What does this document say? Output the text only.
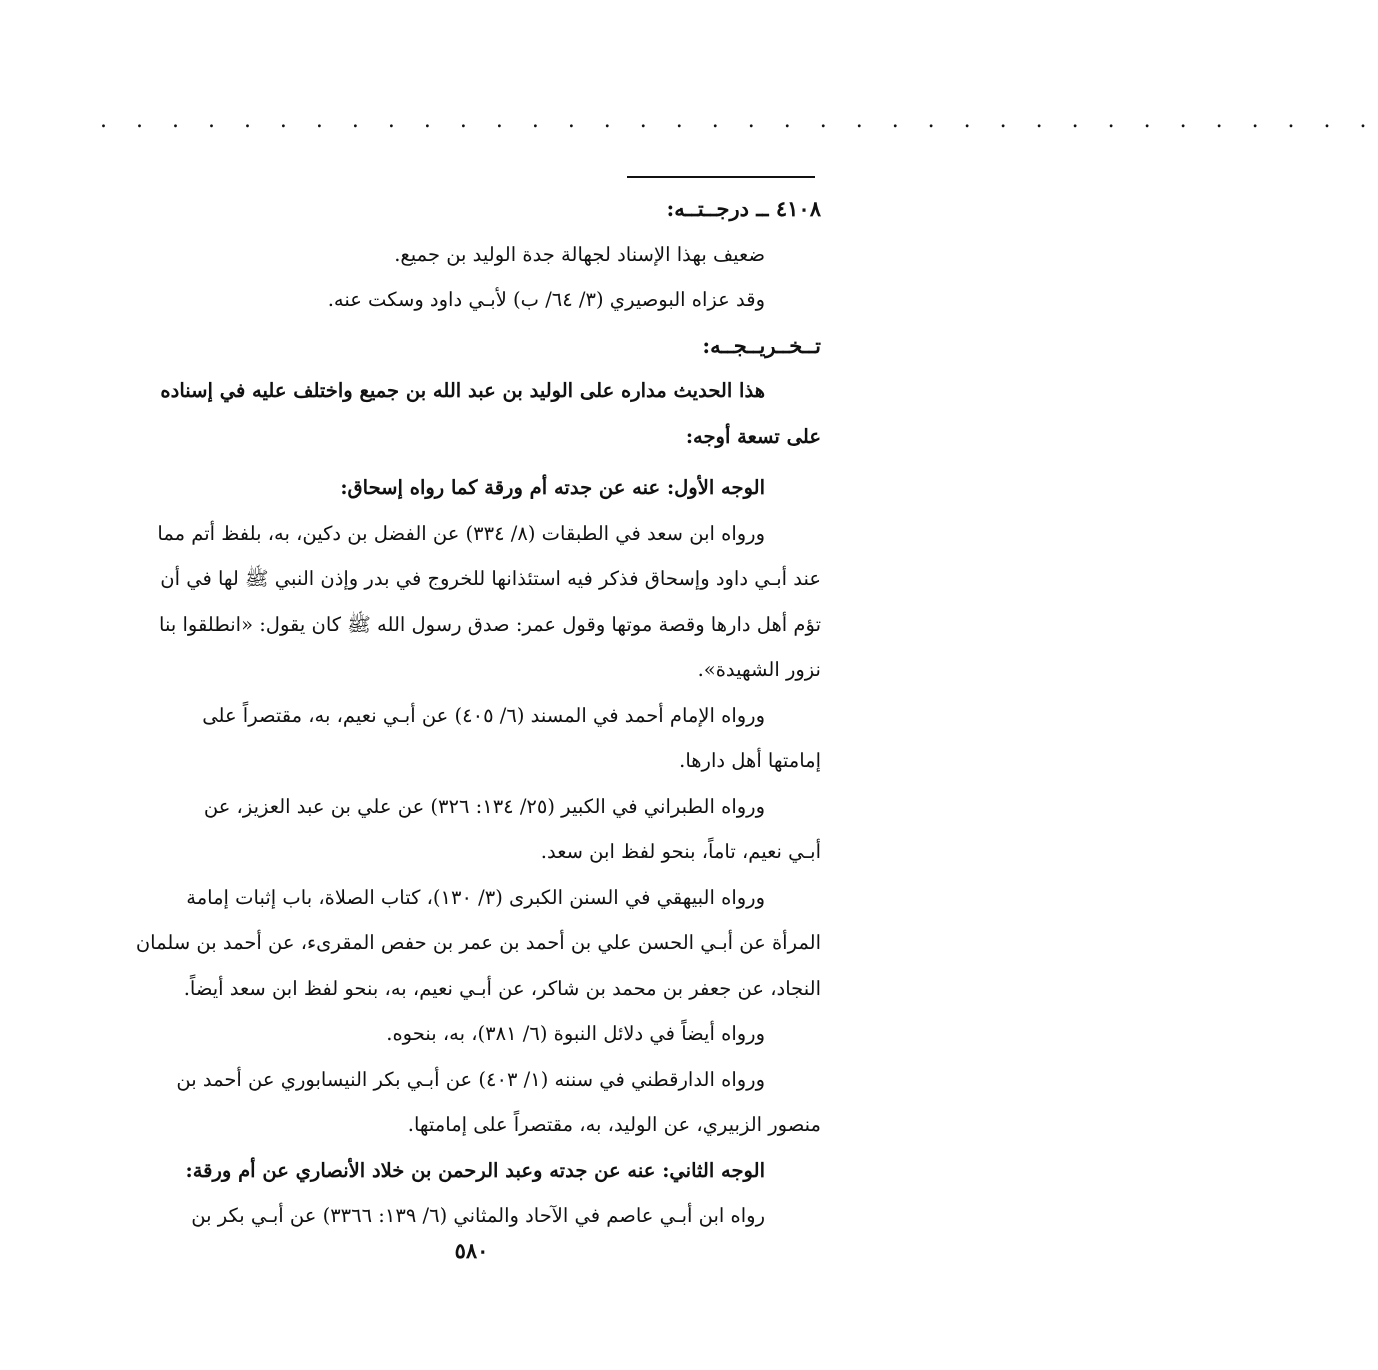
. . . . . . . . . . . . . . . . . . . . . . . . . . . . . . . . . . . .
٤١٠٨ ــ درجــتــه:
ضعيف بهذا الإسناد لجهالة جدة الوليد بن جميع.
وقد عزاه البوصيري (٣/ ٦٤/ ب) لأبـي داود وسكت عنه.
تــخــريــجــه:
هذا الحديث مداره على الوليد بن عبد الله بن جميع واختلف عليه في إسناده
على تسعة أوجه:
الوجه الأول: عنه عن جدته أم ورقة كما رواه إسحاق:
ورواه ابن سعد في الطبقات (٨/ ٣٣٤) عن الفضل بن دكين، به، بلفظ أتم مما
عند أبـي داود وإسحاق فذكر فيه استئذانها للخروج في بدر وإذن النبي ﷺ لها في أن
تؤم أهل دارها وقصة موتها وقول عمر: صدق رسول الله ﷺ كان يقول: «انطلقوا بنا
نزور الشهيدة».
ورواه الإمام أحمد في المسند (٦/ ٤٠٥) عن أبـي نعيم، به، مقتصراً على
إمامتها أهل دارها.
ورواه الطبراني في الكبير (٢٥/ ١٣٤: ٣٢٦) عن علي بن عبد العزيز، عن
أبـي نعيم، تاماً، بنحو لفظ ابن سعد.
ورواه البيهقي في السنن الكبرى (٣/ ١٣٠)، كتاب الصلاة، باب إثبات إمامة
المرأة عن أبـي الحسن علي بن أحمد بن عمر بن حفص المقرىء، عن أحمد بن سلمان
النجاد، عن جعفر بن محمد بن شاكر، عن أبـي نعيم، به، بنحو لفظ ابن سعد أيضاً.
ورواه أيضاً في دلائل النبوة (٦/ ٣٨١)، به، بنحوه.
ورواه الدارقطني في سننه (١/ ٤٠٣) عن أبـي بكر النيسابوري عن أحمد بن
منصور الزبيري، عن الوليد، به، مقتصراً على إمامتها.
الوجه الثاني: عنه عن جدته وعبد الرحمن بن خلاد الأنصاري عن أم ورقة:
رواه ابن أبـي عاصم في الآحاد والمثاني (٦/ ١٣٩: ٣٣٦٦) عن أبـي بكر بن
٥٨٠
